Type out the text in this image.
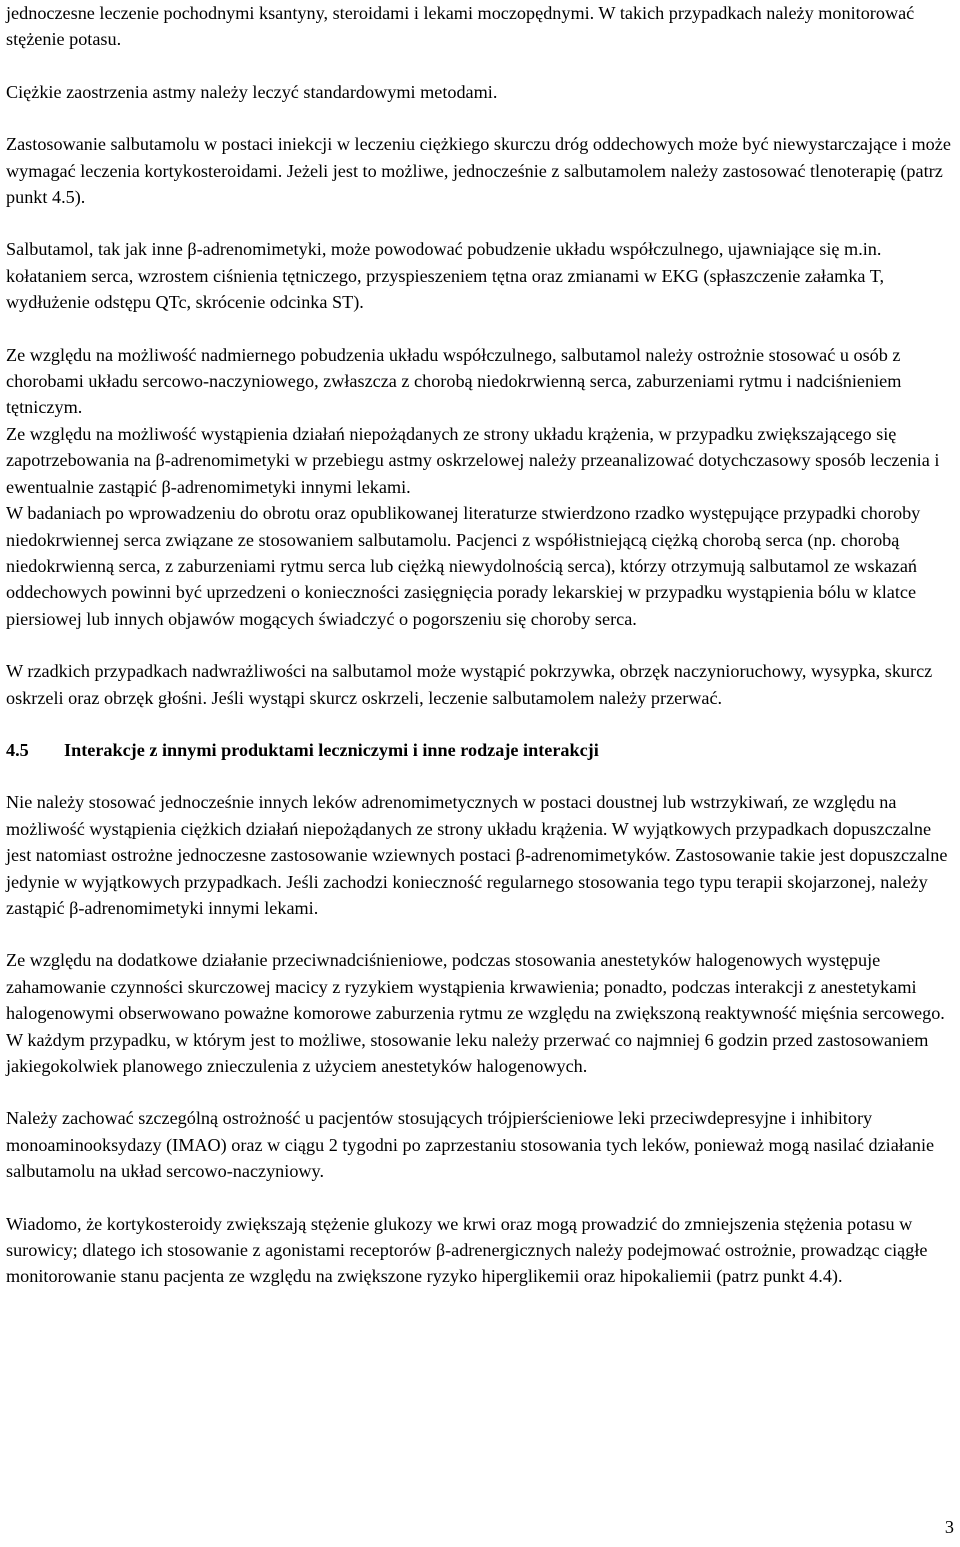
jednoczesne leczenie pochodnymi ksantyny, steroidami i lekami moczopędnymi. W takich przypadkach należy monitorować stężenie potasu.

Ciężkie zaostrzenia astmy należy leczyć standardowymi metodami.

Zastosowanie salbutamolu w postaci iniekcji w leczeniu ciężkiego skurczu dróg oddechowych może być niewystarczające i może wymagać leczenia kortykosteroidami. Jeżeli jest to możliwe, jednocześnie z salbutamolem należy zastosować tlenoterapię (patrz punkt 4.5).

Salbutamol, tak jak inne β-adrenomimetyki, może powodować pobudzenie układu współczulnego, ujawniające się m.in. kołataniem serca, wzrostem ciśnienia tętniczego, przyspieszeniem tętna oraz zmianami w EKG (spłaszczenie załamka T, wydłużenie odstępu QTc, skrócenie odcinka ST).

Ze względu na możliwość nadmiernego pobudzenia układu współczulnego, salbutamol należy ostrożnie stosować u osób z chorobami układu sercowo-naczyniowego, zwłaszcza z chorobą niedokrwienną serca, zaburzeniami rytmu i nadciśnieniem tętniczym.

Ze względu na możliwość wystąpienia działań niepożądanych ze strony układu krążenia, w przypadku zwiększającego się zapotrzebowania na β-adrenomimetyki w przebiegu astmy oskrzelowej należy przeanalizować dotychczasowy sposób leczenia i ewentualnie zastąpić β-adrenomimetyki innymi lekami.

W badaniach po wprowadzeniu do obrotu oraz opublikowanej literaturze stwierdzono rzadko występujące przypadki choroby niedokrwiennej serca związane ze stosowaniem salbutamolu. Pacjenci z współistniejącą ciężką chorobą serca (np. chorobą niedokrwienną serca, z zaburzeniami rytmu serca lub ciężką niewydolnością serca), którzy otrzymują salbutamol ze wskazań oddechowych powinni być uprzedzeni o konieczności zasięgnięcia porady lekarskiej w przypadku wystąpienia bólu w klatce piersiowej lub innych objawów mogących świadczyć o pogorszeniu się choroby serca.

W rzadkich przypadkach nadwrażliwości na salbutamol może wystąpić pokrzywka, obrzęk naczynioruchowy, wysypka, skurcz oskrzeli oraz obrzęk głośni. Jeśli wystąpi skurcz oskrzeli, leczenie salbutamolem należy przerwać.

4.5	Interakcje z innymi produktami leczniczymi i inne rodzaje interakcji

Nie należy stosować jednocześnie innych leków adrenomimetycznych w postaci doustnej lub wstrzykiwań, ze względu na możliwość wystąpienia ciężkich działań niepożądanych ze strony układu krążenia. W wyjątkowych przypadkach dopuszczalne jest natomiast ostrożne jednoczesne zastosowanie wziewnych postaci β-adrenomimetyków. Zastosowanie takie jest dopuszczalne jedynie w wyjątkowych przypadkach. Jeśli zachodzi konieczność regularnego stosowania tego typu terapii skojarzonej, należy zastąpić β-adrenomimetyki innymi lekami.

Ze względu na dodatkowe działanie przeciwnadciśnieniowe, podczas stosowania anestetyków halogenowych występuje zahamowanie czynności skurczowej macicy z ryzykiem wystąpienia krwawienia; ponadto, podczas interakcji z anestetykami halogenowymi obserwowano poważne komorowe zaburzenia rytmu ze względu na zwiększoną reaktywność mięśnia sercowego. W każdym przypadku, w którym jest to możliwe, stosowanie leku należy przerwać co najmniej 6 godzin przed zastosowaniem jakiegokolwiek planowego znieczulenia z użyciem anestetyków halogenowych.

Należy zachować szczególną ostrożność u pacjentów stosujących trójpierścieniowe leki przeciwdepresyjne i inhibitory monoaminooksydazy (IMAO) oraz w ciągu 2 tygodni po zaprzestaniu stosowania tych leków, ponieważ mogą nasilać działanie salbutamolu na układ sercowo-naczyniowy.

Wiadomo, że kortykosteroidy zwiększają stężenie glukozy we krwi oraz mogą prowadzić do zmniejszenia stężenia potasu w surowicy; dlatego ich stosowanie z agonistami receptorów β-adrenergicznych należy podejmować ostrożnie, prowadząc ciągłe monitorowanie stanu pacjenta ze względu na zwiększone ryzyko hiperglikemii oraz hipokaliemii (patrz punkt 4.4).

3
